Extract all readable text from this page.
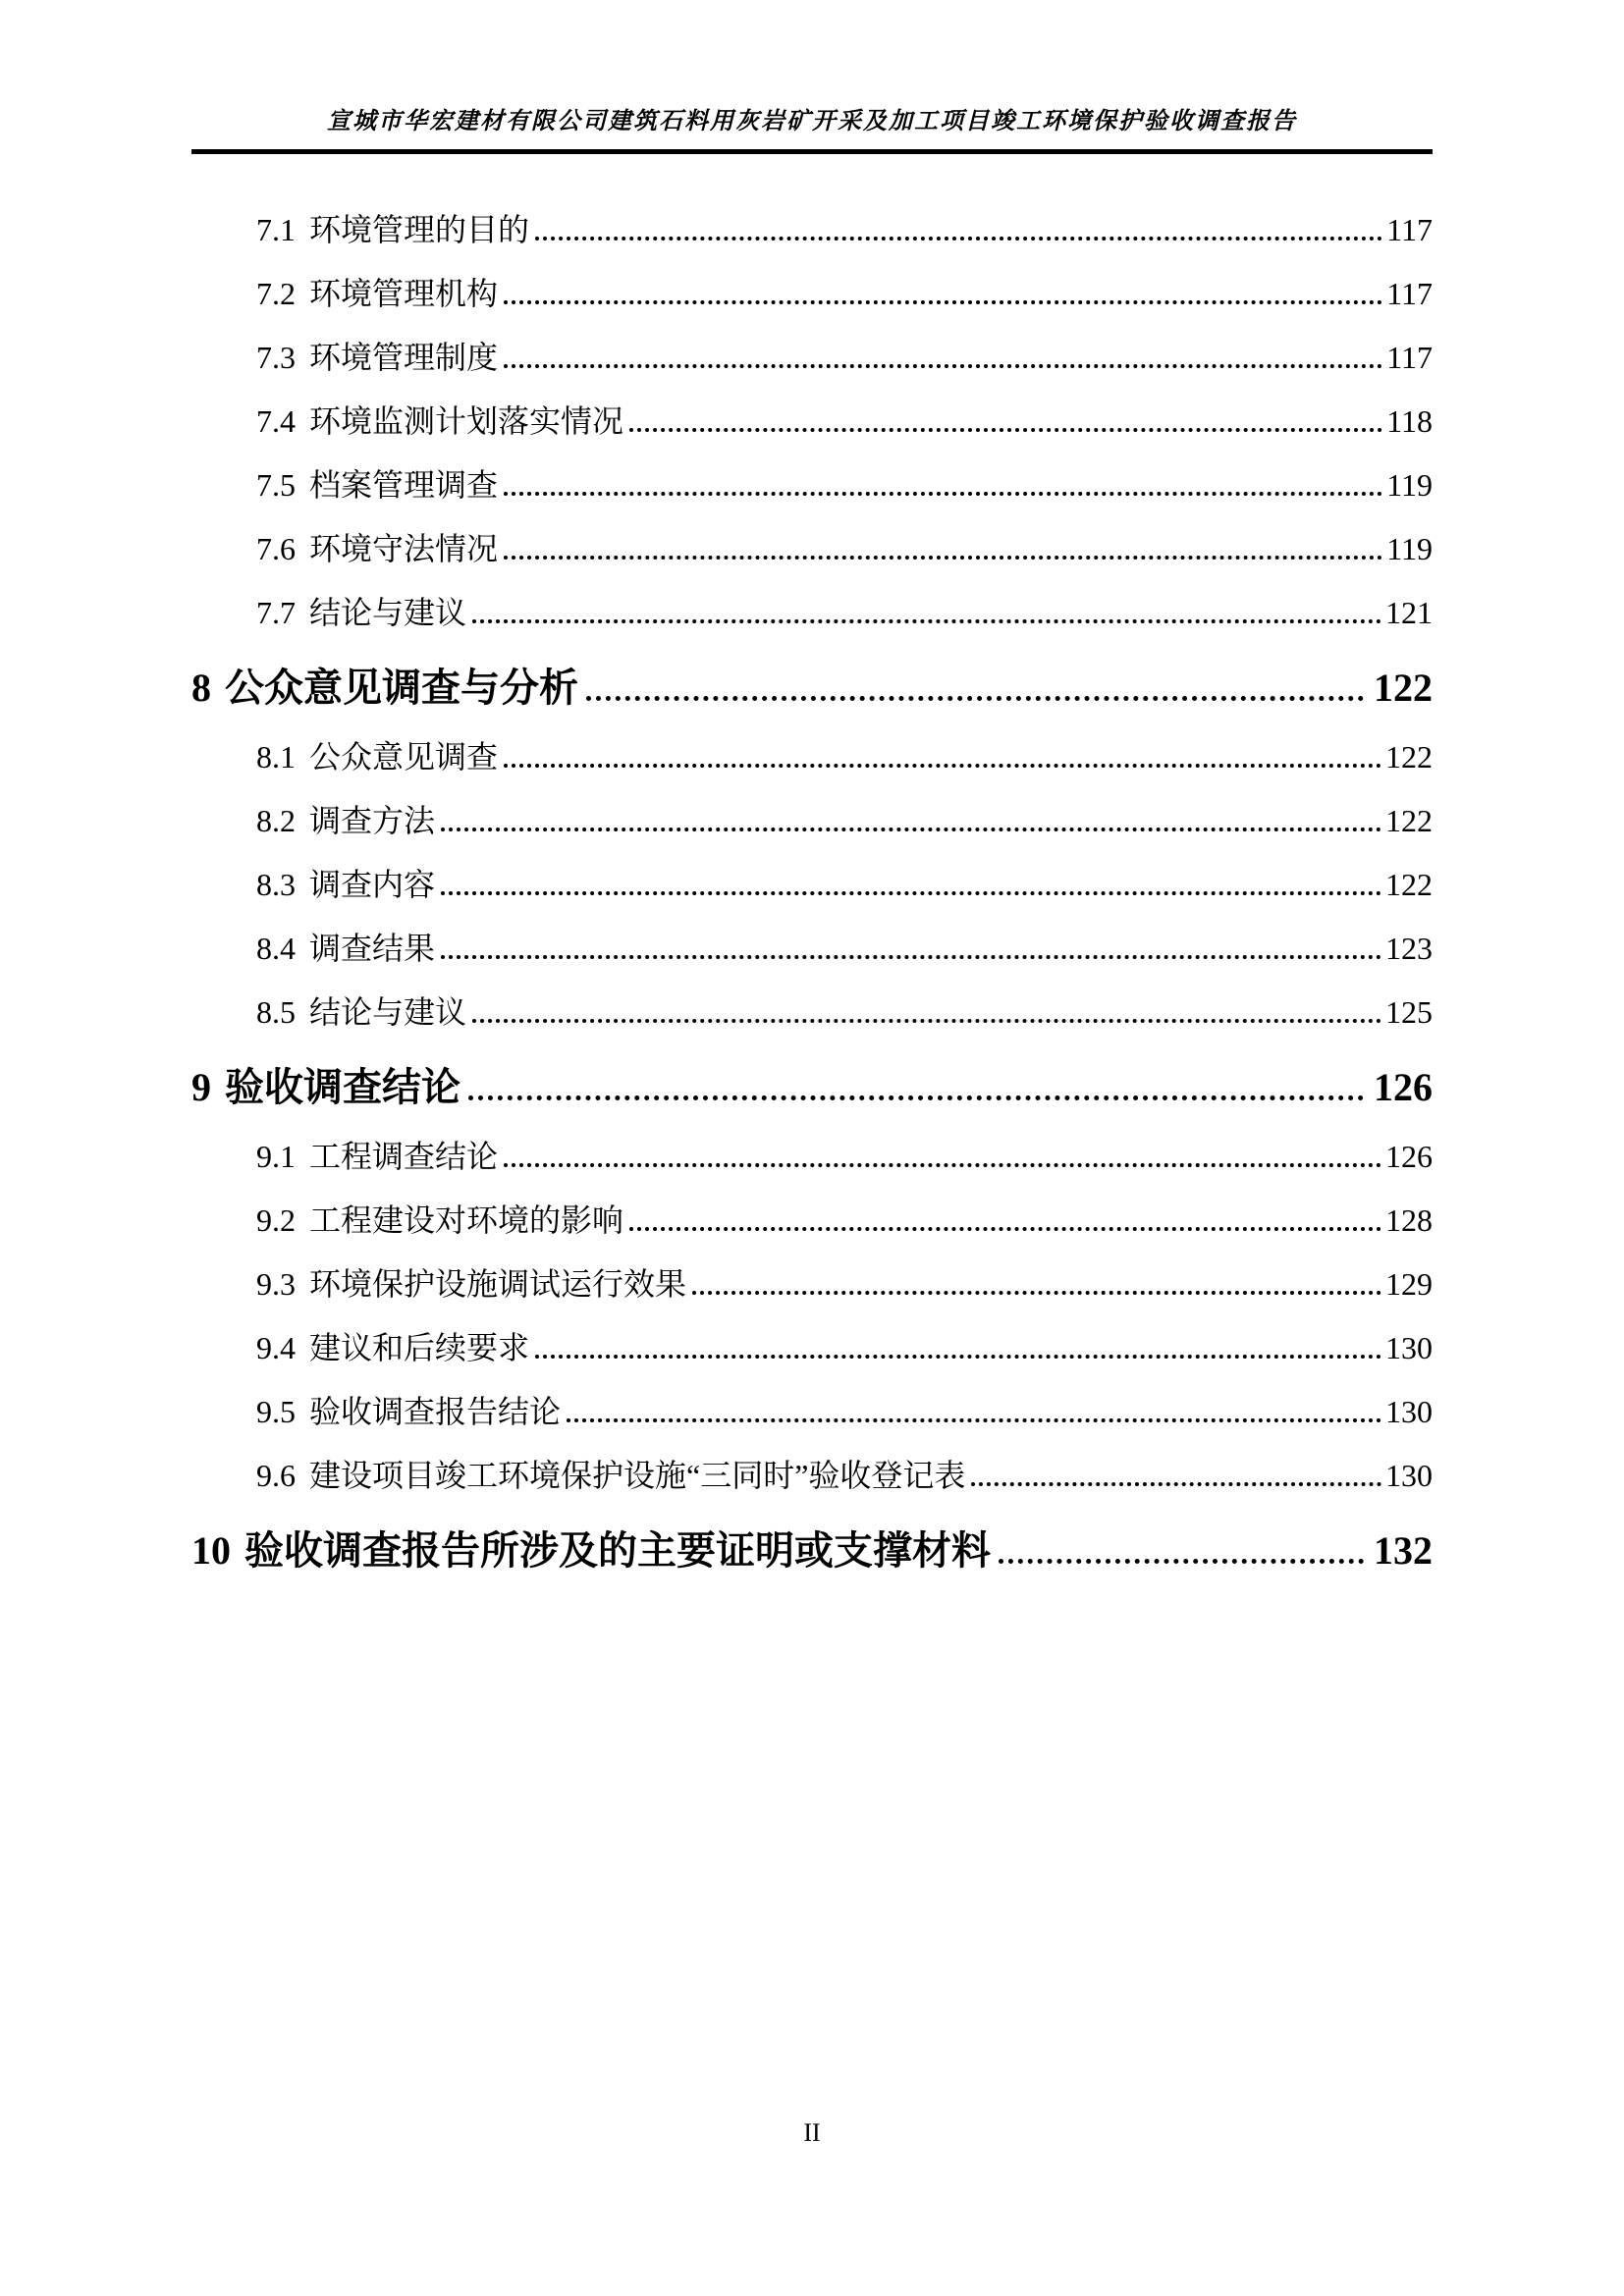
宣城市华宏建材有限公司建筑石料用灰岩矿开采及加工项目竣工环境保护验收调查报告
7.1 环境管理的目的	117
7.2 环境管理机构	117
7.3 环境管理制度	117
7.4 环境监测计划落实情况	118
7.5 档案管理调查	119
7.6 环境守法情况	119
7.7 结论与建议	121
8 公众意见调查与分析	122
8.1 公众意见调查	122
8.2 调查方法	122
8.3 调查内容	122
8.4 调查结果	123
8.5 结论与建议	125
9 验收调查结论	126
9.1 工程调查结论	126
9.2 工程建设对环境的影响	128
9.3 环境保护设施调试运行效果	129
9.4 建议和后续要求	130
9.5 验收调查报告结论	130
9.6 建设项目竣工环境保护设施“三同时”验收登记表	130
10 验收调查报告所涉及的主要证明或支撑材料	132
II
